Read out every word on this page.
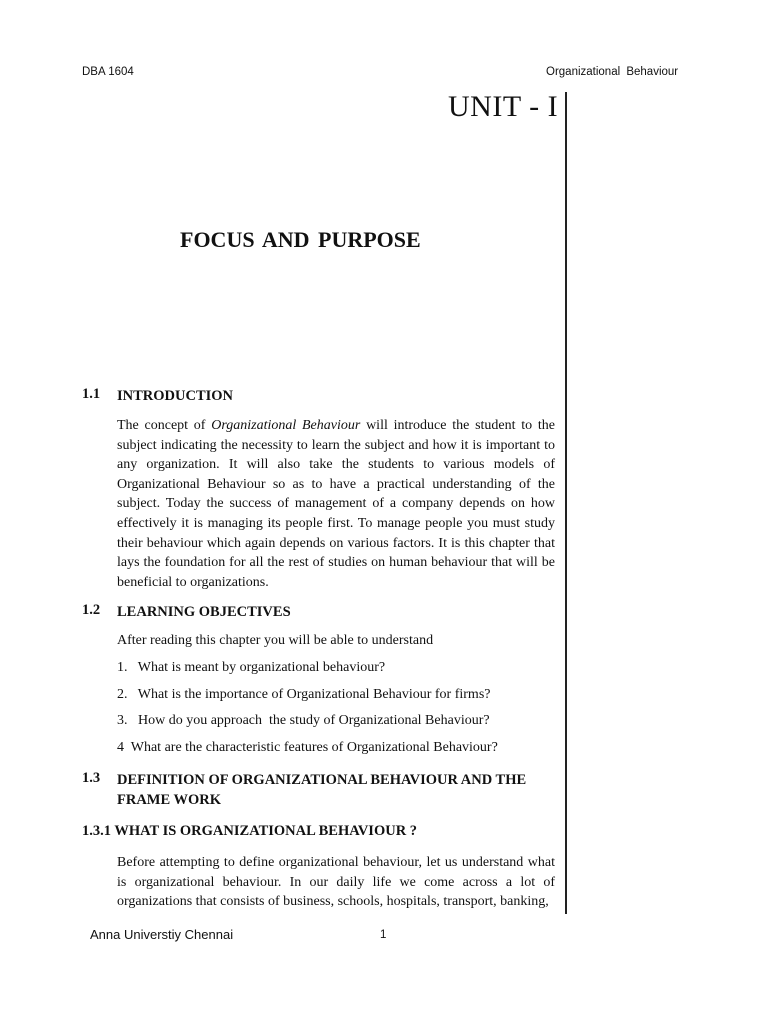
DBA 1604	Organizational Behaviour
UNIT - I
FOCUS AND PURPOSE
1.1 INTRODUCTION
The concept of Organizational Behaviour will introduce the student to the subject indicating the necessity to learn the subject and how it is important to any organization. It will also take the students to various models of Organizational Behaviour so as to have a practical understanding of the subject. Today the success of management of a company depends on how effectively it is managing its people first. To manage people you must study their behaviour which again depends on various factors. It is this chapter that lays the foundation for all the rest of studies on human behaviour that will be beneficial to organizations.
1.2 LEARNING OBJECTIVES
After reading this chapter you will be able to understand
1.   What is meant by organizational behaviour?
2.   What is the importance of Organizational Behaviour for firms?
3.   How do you approach  the study of Organizational Behaviour?
4  What are the characteristic features of Organizational Behaviour?
1.3 DEFINITION OF ORGANIZATIONAL BEHAVIOUR AND THE FRAME WORK
1.3.1 WHAT IS ORGANIZATIONAL BEHAVIOUR ?
Before attempting to define organizational behaviour, let us understand what is organizational behaviour. In our daily life we come across a lot of organizations that consists of business, schools, hospitals, transport, banking,
Anna Universtiy Chennai	1
